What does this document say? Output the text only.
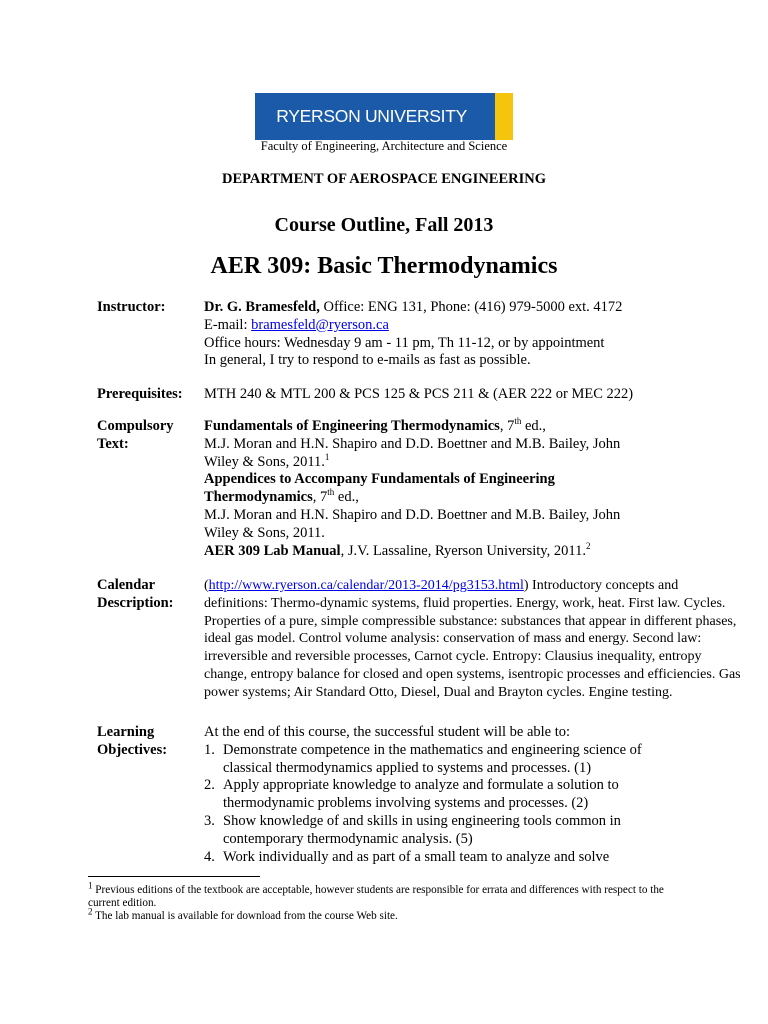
RYERSON UNIVERSITY
Faculty of Engineering, Architecture and Science
DEPARTMENT OF AEROSPACE ENGINEERING
Course Outline, Fall 2013
AER 309: Basic Thermodynamics
Instructor:	Dr. G. Bramesfeld, Office: ENG 131, Phone: (416) 979-5000 ext. 4172
E-mail: bramesfeld@ryerson.ca
Office hours: Wednesday 9 am - 11 pm, Th 11-12, or by appointment
In general, I try to respond to e-mails as fast as possible.
Prerequisites:	MTH 240 & MTL 200 & PCS 125 & PCS 211 & (AER 222 or MEC 222)
Compulsory
Text:
Fundamentals of Engineering Thermodynamics, 7th ed.,
M.J. Moran and H.N. Shapiro and D.D. Boettner and M.B. Bailey, John Wiley & Sons, 2011.$^1$
Appendices to Accompany Fundamentals of Engineering Thermodynamics, 7th ed.,
M.J. Moran and H.N. Shapiro and D.D. Boettner and M.B. Bailey, John Wiley & Sons, 2011.
AER 309 Lab Manual, J.V. Lassaline, Ryerson University, 2011.$^2$
Calendar
Description:
(http://www.ryerson.ca/calendar/2013-2014/pg3153.html) Introductory concepts and definitions: Thermo-dynamic systems, fluid properties. Energy, work, heat. First law. Cycles. Properties of a pure, simple compressible substance: substances that appear in different phases, ideal gas model. Control volume analysis: conservation of mass and energy. Second law: irreversible and reversible processes, Carnot cycle. Entropy: Clausius inequality, entropy change, entropy balance for closed and open systems, isentropic processes and efficiencies. Gas power systems; Air Standard Otto, Diesel, Dual and Brayton cycles. Engine testing.
Learning
Objectives:
At the end of this course, the successful student will be able to:
1. Demonstrate competence in the mathematics and engineering science of classical thermodynamics applied to systems and processes. (1)
2. Apply appropriate knowledge to analyze and formulate a solution to thermodynamic problems involving systems and processes. (2)
3. Show knowledge of and skills in using engineering tools common in contemporary thermodynamic analysis. (5)
4. Work individually and as part of a small team to analyze and solve
$^1$ Previous editions of the textbook are acceptable, however students are responsible for errata and differences with respect to the current edition.
$^2$ The lab manual is available for download from the course Web site.
